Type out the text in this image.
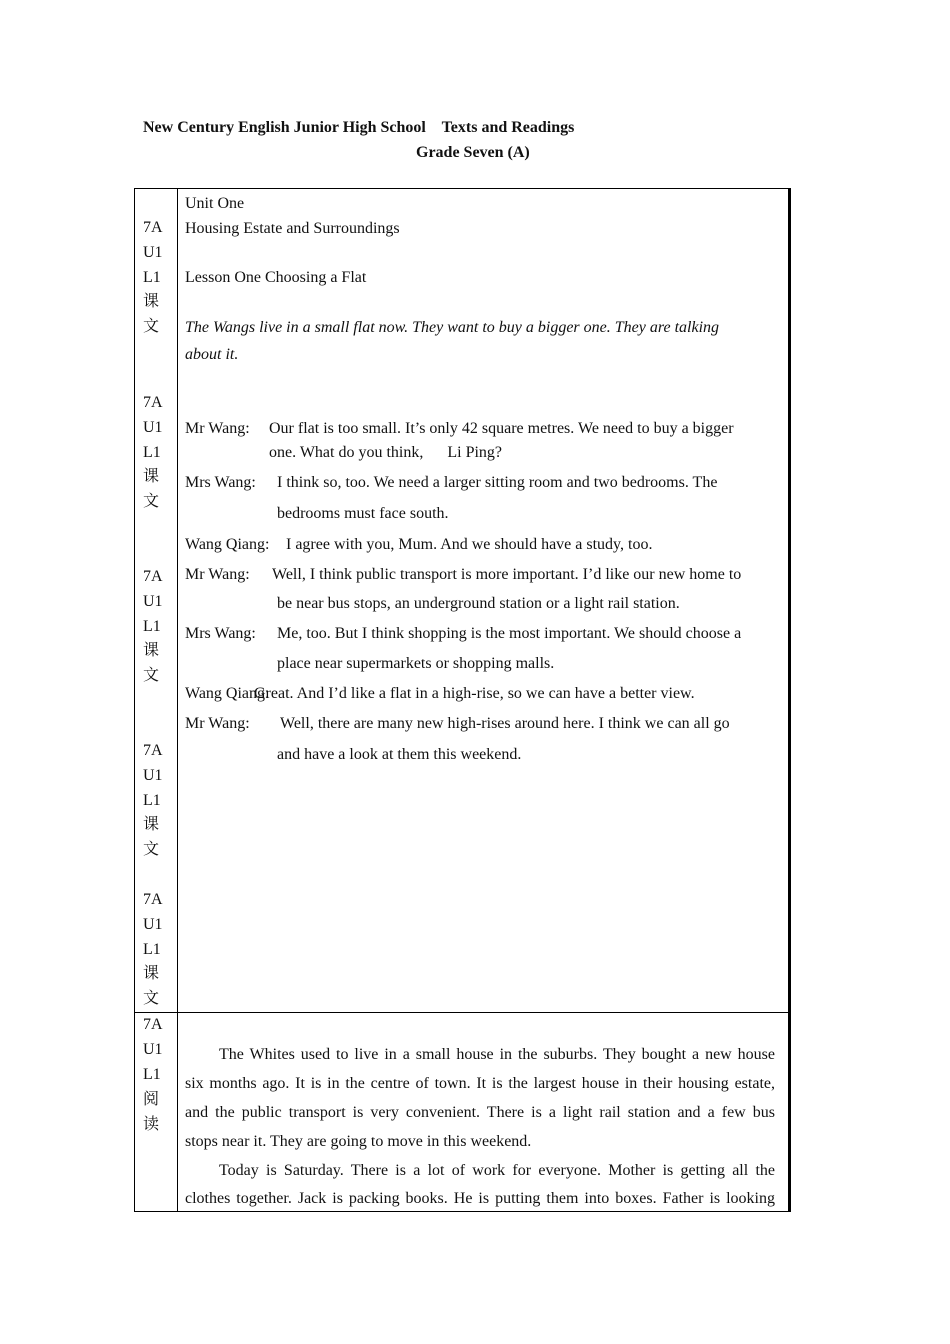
New Century English Junior High School    Texts and Readings
Grade Seven (A)
7A
U1
L1
课
文
7A
U1
L1
课
文
7A
U1
L1
课
文
7A
U1
L1
课
文
7A
U1
L1
课
文
7A
U1
L1
阅
读
Unit One
Housing Estate and Surroundings
Lesson One Choosing a Flat
The Wangs live in a small flat now. They want to buy a bigger one. They are talking
about it.
Mr Wang: Our flat is too small. It’s only 42 square metres. We need to buy a bigger
one. What do you think,      Li Ping?
Mrs Wang: I think so, too. We need a larger sitting room and two bedrooms. The
bedrooms must face south.
Wang Qiang: I agree with you, Mum. And we should have a study, too.
Mr Wang: Well, I think public transport is more important. I’d like our new home to
be near bus stops, an underground station or a light rail station.
Mrs Wang: Me, too. But I think shopping is the most important. We should choose a
place near supermarkets or shopping malls.
Wang Qiang:
Great. And I’d like a flat in a high-rise, so we can have a better view.
Mr Wang: Well, there are many new high-rises around here. I think we can all go
and have a look at them this weekend.
The Whites used to live in a small house in the suburbs. They bought a new house
six months ago. It is in the centre of town. It is the largest house in their housing estate,
and the public transport is very convenient. There is a light rail station and a few bus
stops near it. They are going to move in this weekend.
Today is Saturday. There is a lot of work for everyone. Mother is getting all the
clothes together. Jack is packing books. He is putting them into boxes. Father is looking
